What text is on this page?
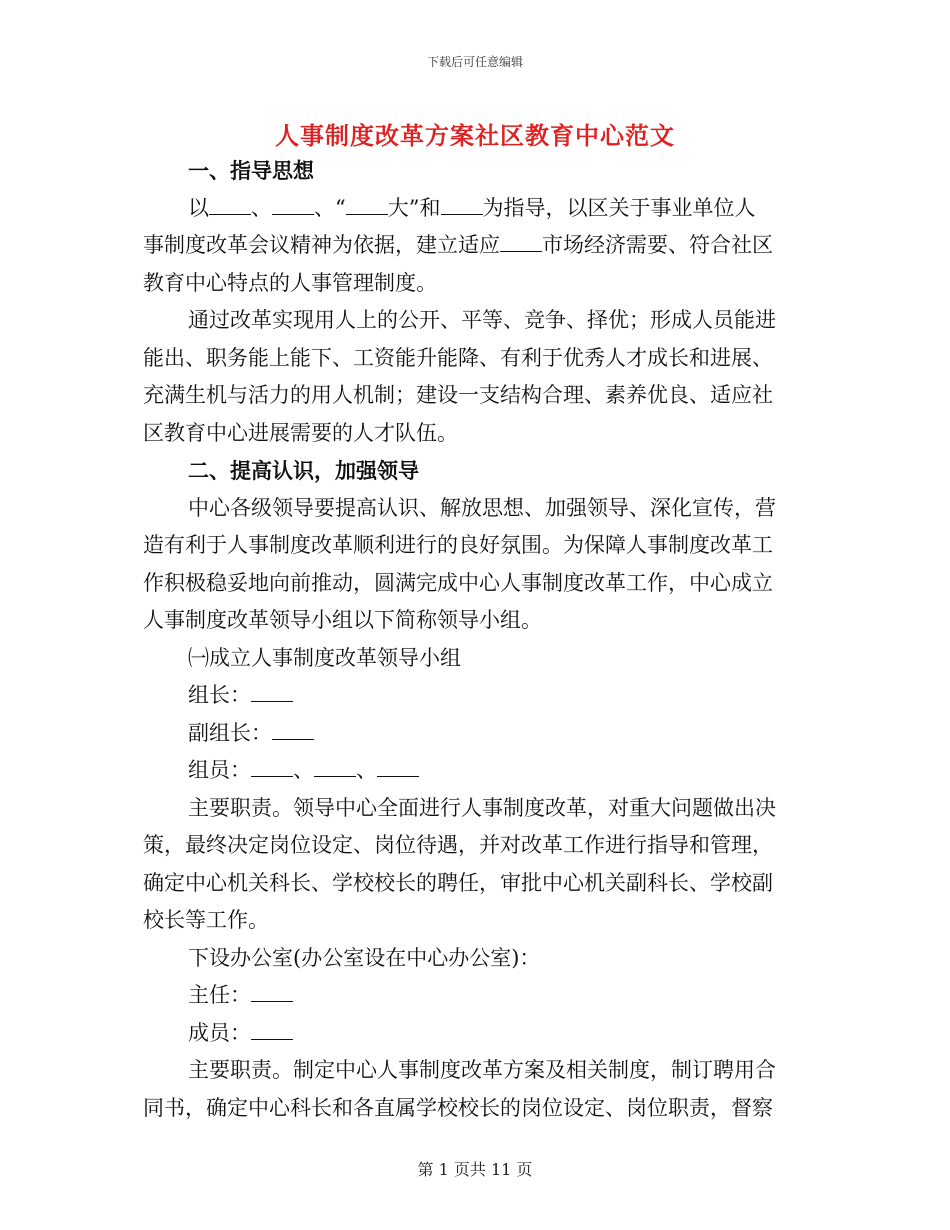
下载后可任意编辑
人事制度改革方案社区教育中心范文
一、指导思想
以 、 、“ 大”和 为指导，以区关于事业单位人
事制度改革会议精神为依据，建立适应 市场经济需要、符合社区
教育中心特点的人事管理制度。
通过改革实现用人上的公开、平等、竞争、择优；形成人员能进
能出、职务能上能下、工资能升能降、有利于优秀人才成长和进展、
充满生机与活力的用人机制；建设一支结构合理、素养优良、适应社
区教育中心进展需要的人才队伍。
二、提高认识，加强领导
中心各级领导要提高认识、解放思想、加强领导、深化宣传，营
造有利于人事制度改革顺利进行的良好氛围。为保障人事制度改革工
作积极稳妥地向前推动，圆满完成中心人事制度改革工作，中心成立
人事制度改革领导小组以下简称领导小组。
㈠成立人事制度改革领导小组
组长：
副组长：
组员： 、 、
主要职责。领导中心全面进行人事制度改革，对重大问题做出决
策，最终决定岗位设定、岗位待遇，并对改革工作进行指导和管理，
确定中心机关科长、学校校长的聘任，审批中心机关副科长、学校副
校长等工作。
下设办公室(办公室设在中心办公室)：
主任：
成员：
主要职责。制定中心人事制度改革方案及相关制度，制订聘用合
同书，确定中心科长和各直属学校校长的岗位设定、岗位职责，督察
第 1 页共 11 页
